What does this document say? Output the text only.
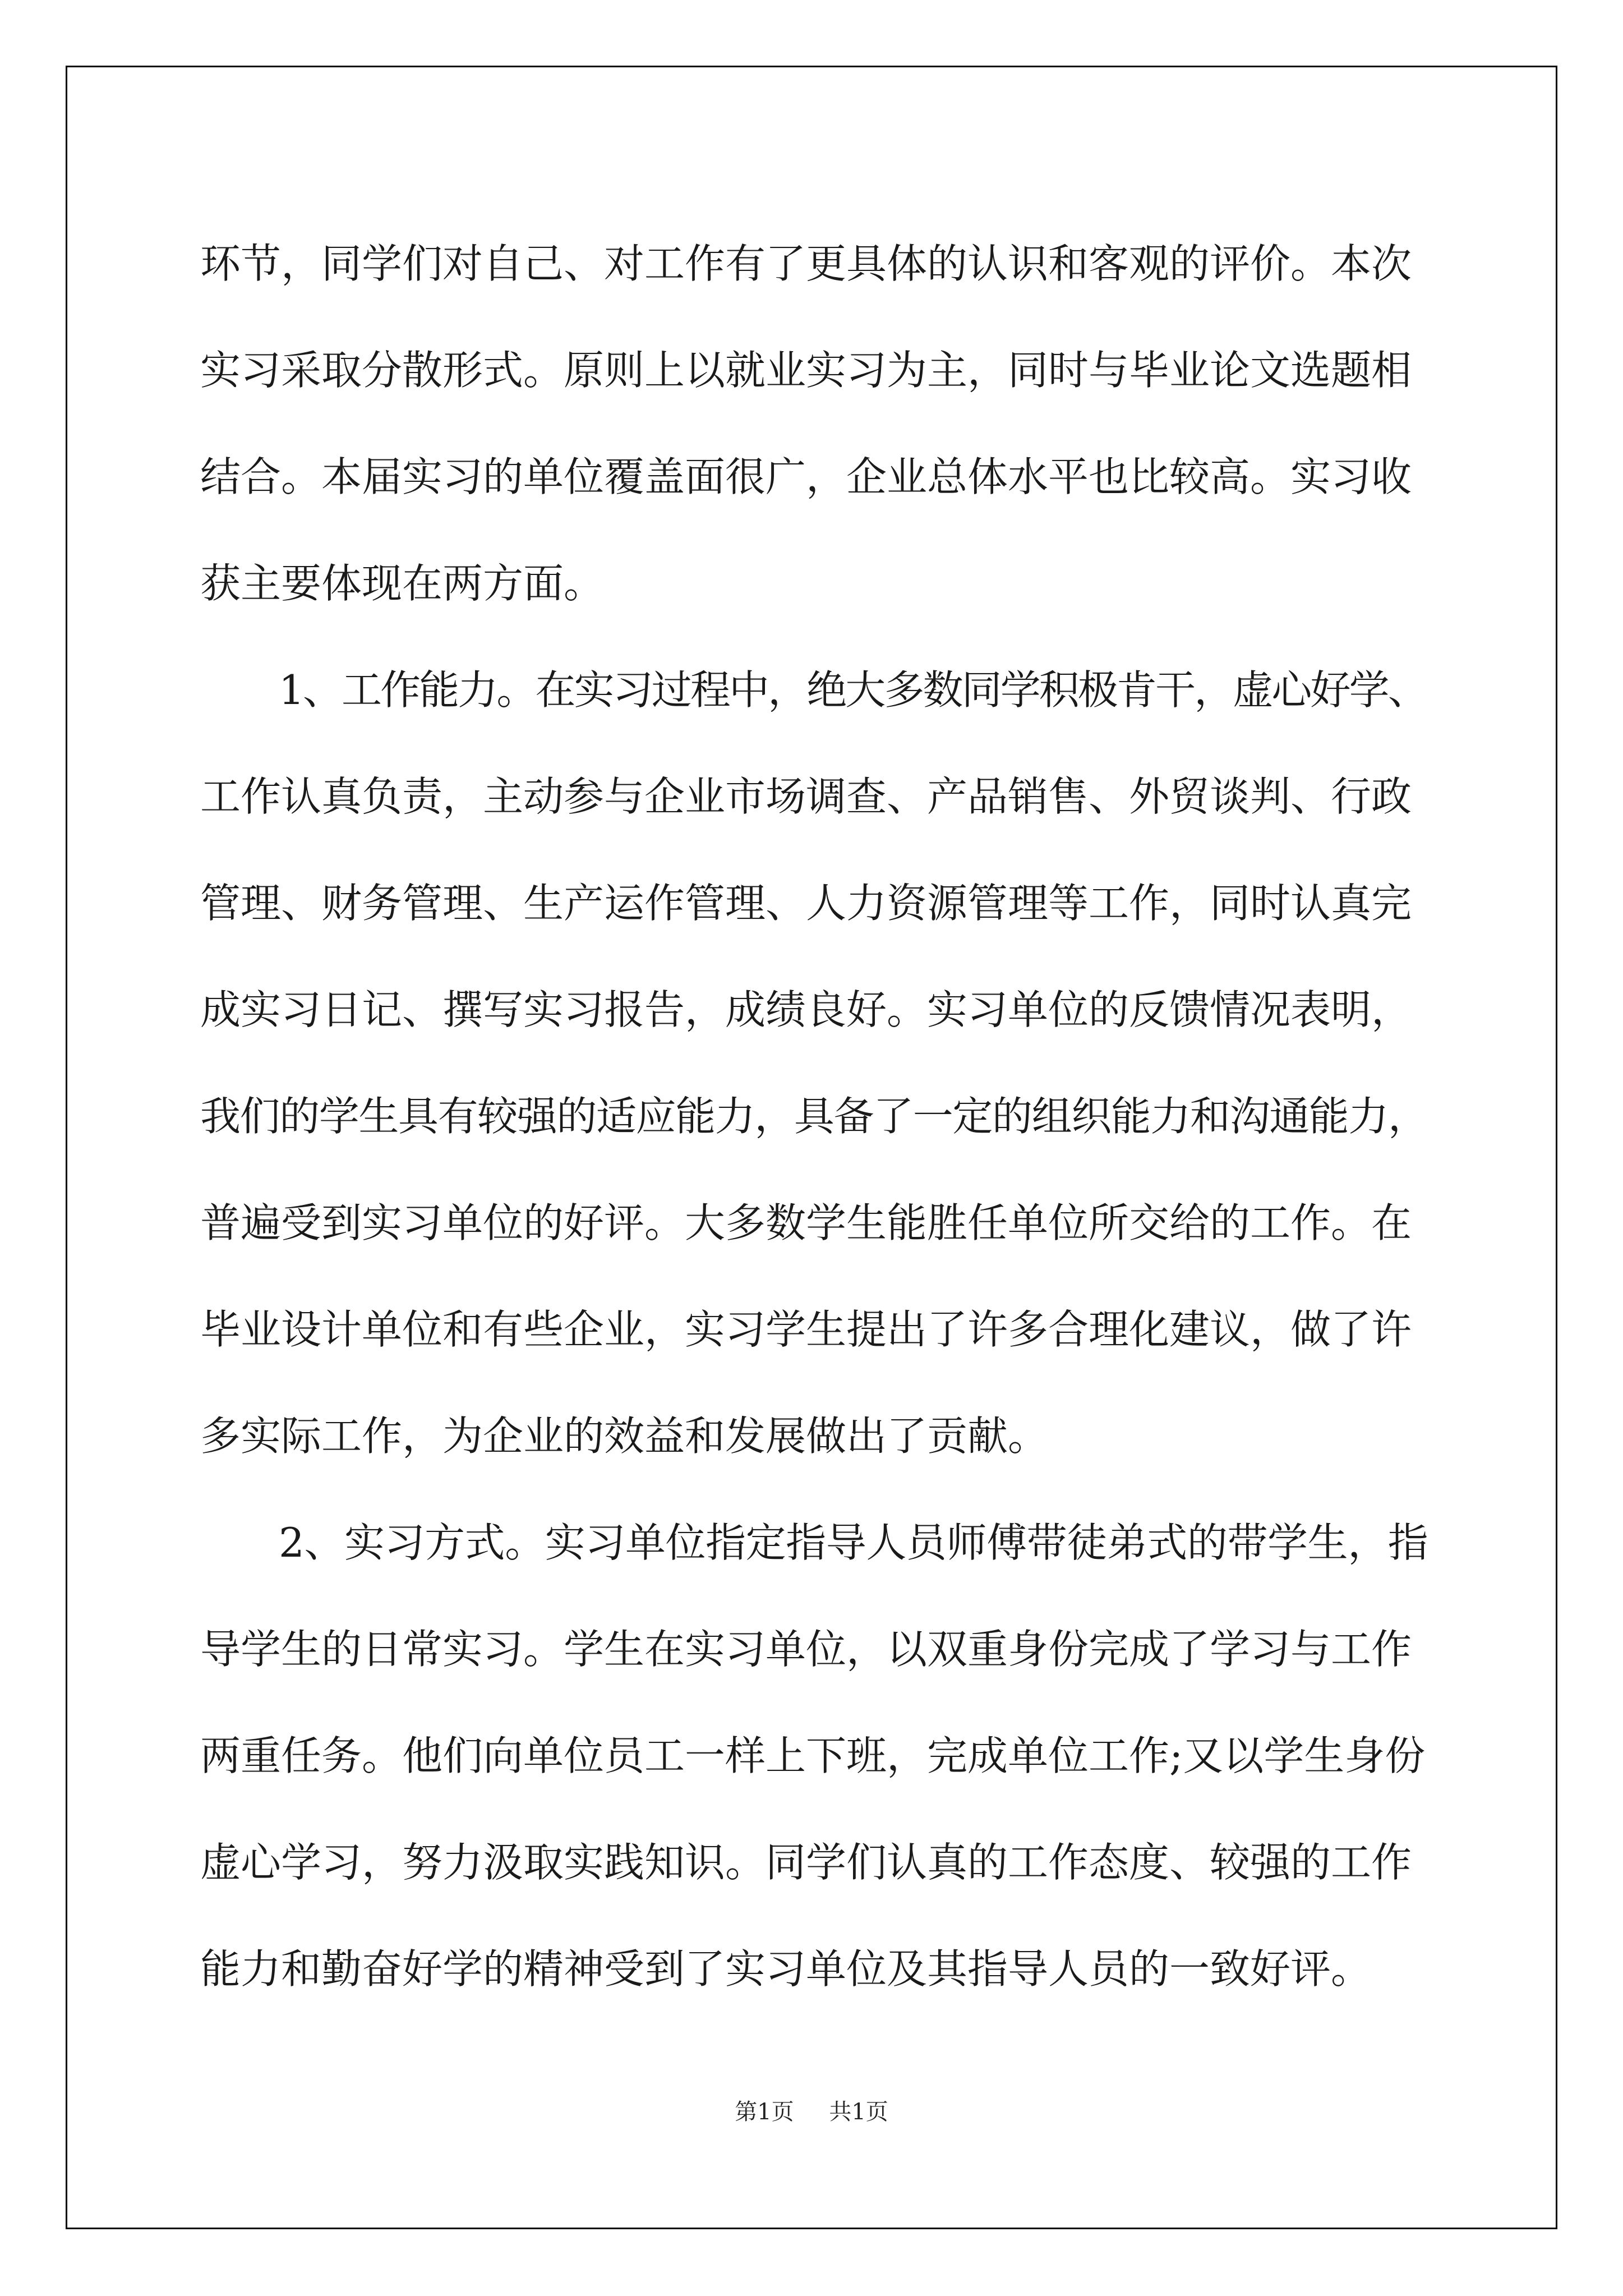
环节，同学们对自己、对工作有了更具体的认识和客观的评价。本次
实习采取分散形式。原则上以就业实习为主，同时与毕业论文选题相
结合。本届实习的单位覆盖面很广，企业总体水平也比较高。实习收
获主要体现在两方面。
1、工作能力。在实习过程中，绝大多数同学积极肯干，虚心好学、
工作认真负责，主动参与企业市场调查、产品销售、外贸谈判、行政
管理、财务管理、生产运作管理、人力资源管理等工作，同时认真完
成实习日记、撰写实习报告，成绩良好。实习单位的反馈情况表明，
我们的学生具有较强的适应能力，具备了一定的组织能力和沟通能力，
普遍受到实习单位的好评。大多数学生能胜任单位所交给的工作。在
毕业设计单位和有些企业，实习学生提出了许多合理化建议，做了许
多实际工作，为企业的效益和发展做出了贡献。
2、实习方式。实习单位指定指导人员师傅带徒弟式的带学生，指
导学生的日常实习。学生在实习单位，以双重身份完成了学习与工作
两重任务。他们向单位员工一样上下班，完成单位工作;又以学生身份
虚心学习，努力汲取实践知识。同学们认真的工作态度、较强的工作
能力和勤奋好学的精神受到了实习单位及其指导人员的一致好评。
第1页 共1页
